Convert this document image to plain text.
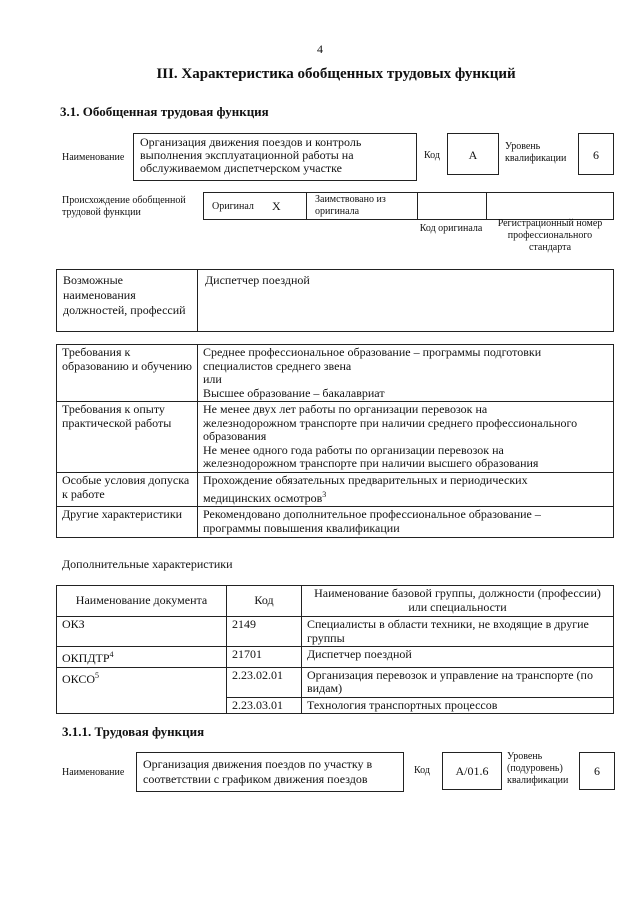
4
III. Характеристика обобщенных трудовых функций
3.1. Обобщенная трудовая функция
Наименование
Организация движения поездов и контроль выполнения эксплуатационной работы на обслуживаемом диспетчерском участке
Код	А
Уровень квалификации	6
Происхождение обобщенной трудовой функции
Оригинал Х	Заимствовано из оригинала
Код оригинала	Регистрационный номер профессионального стандарта
Возможные наименования должностей, профессий
Диспетчер поездной
Требования к образованию и обучению	Среднее профессиональное образование – программы подготовки
специалистов среднего звена
или
Высшее образование – бакалавриат

Требования к опыту практической работы	Не менее двух лет работы по организации перевозок на
железнодорожном транспорте при наличии среднего профессионального
образования
Не менее одного года работы по организации перевозок на
железнодорожном транспорте при наличии высшего образования

Особые условия допуска к работе	Прохождение обязательных предварительных и периодических
медицинских осмотров$^3$

Другие характеристики	Рекомендовано дополнительное профессиональное образование –
программы повышения квалификации
Дополнительные характеристики
Наименование документа	Код	Наименование базовой группы, должности (профессии) или специальности
ОКЗ	2149	Специалисты в области техники, не входящие в другие группы
ОКПДТР$^4$	21701	Диспетчер поездной
ОКСО$^5$	2.23.02.01	Организация перевозок и управление на транспорте (по видам)
	2.23.03.01	Технология транспортных процессов
3.1.1. Трудовая функция
Наименование
Организация движения поездов по участку в соответствии с графиком движения поездов
Код	А/01.6
Уровень (подуровень) квалификации
6
